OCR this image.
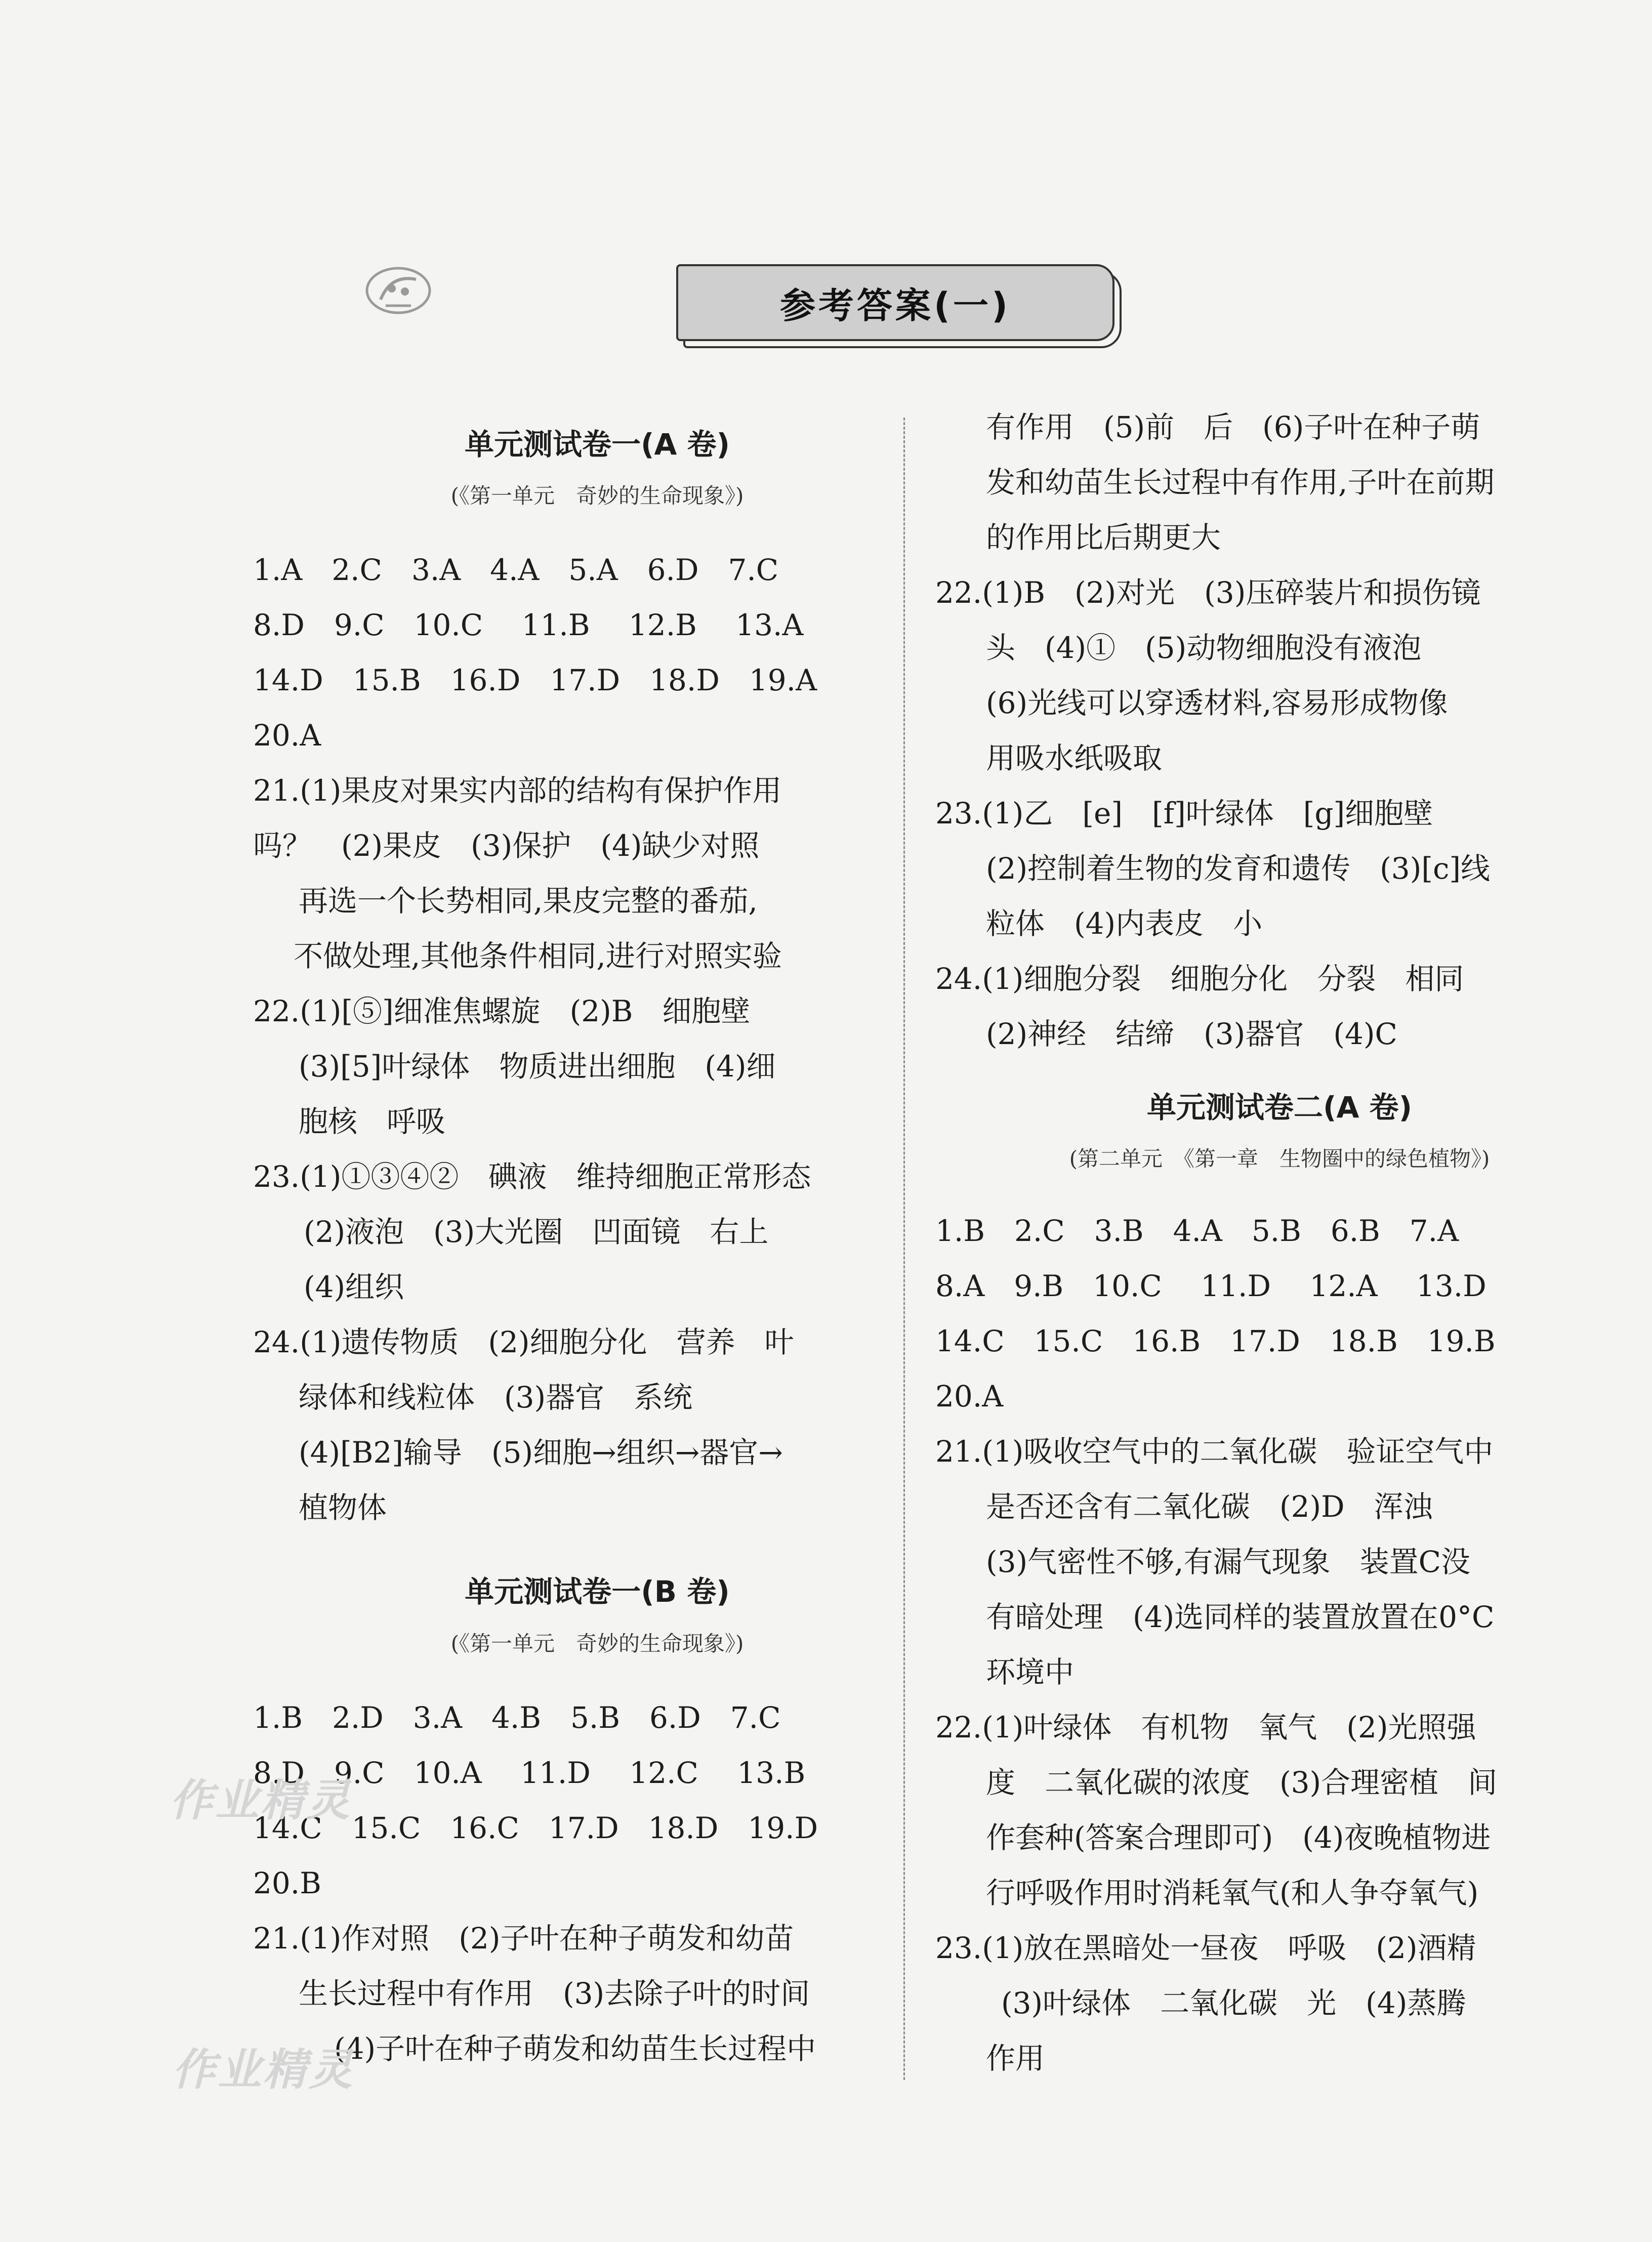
参考答案(一)
单元测试卷一(A 卷)
(《第一单元　奇妙的生命现象》)
1.A　2.C　3.A　4.A　5.A　6.D　7.C
8.D　9.C　10.C　 11.B　 12.B　 13.A
14.D　15.B　16.D　17.D　18.D　19.A
20.A
21.(1)果皮对果实内部的结构有保护作用
吗？　(2)果皮　(3)保护　(4)缺少对照
再选一个长势相同,果皮完整的番茄,
不做处理,其他条件相同,进行对照实验
22.(1)[⑤]细准焦螺旋　(2)B　细胞壁
(3)[5]叶绿体　物质进出细胞　(4)细
胞核　呼吸
23.(1)①③④②　碘液　维持细胞正常形态
(2)液泡　(3)大光圈　凹面镜　右上
(4)组织
24.(1)遗传物质　(2)细胞分化　营养　叶
绿体和线粒体　(3)器官　系统
(4)[B2]输导　(5)细胞→组织→器官→
植物体
单元测试卷一(B 卷)
(《第一单元　奇妙的生命现象》)
1.B　2.D　3.A　4.B　5.B　6.D　7.C
8.D　9.C　10.A　 11.D　 12.C　 13.B
14.C　15.C　16.C　17.D　18.D　19.D
20.B
21.(1)作对照　(2)子叶在种子萌发和幼苗
生长过程中有作用　(3)去除子叶的时间
(4)子叶在种子萌发和幼苗生长过程中
有作用　(5)前　后　(6)子叶在种子萌
发和幼苗生长过程中有作用,子叶在前期
的作用比后期更大
22.(1)B　(2)对光　(3)压碎装片和损伤镜
头　(4)①　(5)动物细胞没有液泡
(6)光线可以穿透材料,容易形成物像
用吸水纸吸取
23.(1)乙　[e]　[f]叶绿体　[g]细胞壁
(2)控制着生物的发育和遗传　(3)[c]线
粒体　(4)内表皮　小
24.(1)细胞分裂　细胞分化　分裂　相同
(2)神经　结缔　(3)器官　(4)C
单元测试卷二(A 卷)
(第二单元　《第一章　生物圈中的绿色植物》)
1.B　2.C　3.B　4.A　5.B　6.B　7.A
8.A　9.B　10.C　 11.D　 12.A　 13.D
14.C　15.C　16.B　17.D　18.B　19.B
20.A
21.(1)吸收空气中的二氧化碳　验证空气中
是否还含有二氧化碳　(2)D　浑浊
(3)气密性不够,有漏气现象　装置C没
有暗处理　(4)选同样的装置放置在0°C
环境中
22.(1)叶绿体　有机物　氧气　(2)光照强
度　二氧化碳的浓度　(3)合理密植　间
作套种(答案合理即可)　(4)夜晚植物进
行呼吸作用时消耗氧气(和人争夺氧气)
23.(1)放在黑暗处一昼夜　呼吸　(2)酒精
(3)叶绿体　二氧化碳　光　(4)蒸腾
作用
作业精灵
作业精灵
